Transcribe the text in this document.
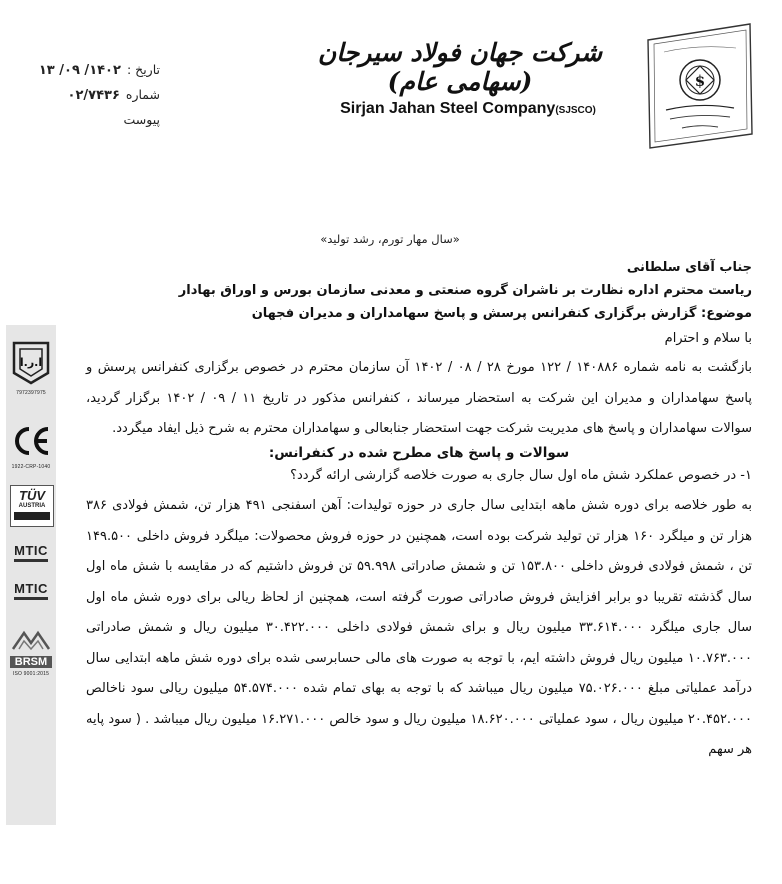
تاریخ :۱۴۰۲/ ۰۹/ ۱۳
شماره۰۲/۷۴۳۶
پیوست
شرکت جهان فولاد سیرجان (سهامی عام)
Sirjan Jahan Steel Company(SJSCO)
$
«سال مهار تورم، رشد تولید»

جناب آقای سلطانی

ریاست محترم اداره نظارت بر ناشران گروه صنعتی و معدنی سازمان بورس و اوراق بهادار

موضوع: گزارش برگزاری کنفرانس پرسش و پاسخ سهامداران و مدیران فجهان

با سلام و احترام

بازگشت به نامه شماره ۱۴۰۸۸۶ / ۱۲۲ مورخ ۲۸ / ۰۸ / ۱۴۰۲ آن سازمان محترم در خصوص برگزاری کنفرانس پرسش و پاسخ سهامداران و مدیران این شرکت به استحضار میرساند ، کنفرانس مذکور در تاریخ ۱۱ / ۰۹ / ۱۴۰۲ برگزار گردید، سوالات سهامداران و پاسخ های مدیریت شرکت جهت استحضار جنابعالی و سهامداران محترم به شرح ذیل ایفاد میگردد.

سوالات و پاسخ های مطرح شده در کنفرانس:

۱- در خصوص عملکرد شش ماه اول سال جاری به صورت خلاصه گزارشی ارائه گردد؟

به طور خلاصه برای دوره شش ماهه ابتدایی سال جاری در حوزه تولیدات: آهن اسفنجی ۴۹۱ هزار تن، شمش فولادی ۳۸۶ هزار تن و میلگرد ۱۶۰ هزار تن تولید شرکت بوده است، همچنین در حوزه فروش محصولات: میلگرد فروش داخلی ۱۴۹.۵۰۰ تن ، شمش فولادی فروش داخلی ۱۵۳.۸۰۰ تن و شمش صادراتی ۵۹.۹۹۸ تن فروش داشتیم که در مقایسه با شش ماه اول سال گذشته تقریبا دو برابر افزایش فروش صادراتی صورت گرفته است، همچنین از لحاظ ریالی برای دوره شش ماه اول سال جاری میلگرد ۳۳.۶۱۴.۰۰۰ میلیون ریال و برای شمش فولادی داخلی ۳۰.۴۲۲.۰۰۰ میلیون ریال و شمش صادراتی ۱۰.۷۶۳.۰۰۰ میلیون ریال فروش داشته ایم، با توجه به صورت های مالی حسابرسی شده برای دوره شش ماهه ابتدایی سال درآمد عملیاتی مبلغ ۷۵.۰۲۶.۰۰۰ میلیون ریال میباشد که با توجه به بهای تمام شده ۵۴.۵۷۴.۰۰۰ میلیون ریالی سود ناخالص ۲۰.۴۵۲.۰۰۰ میلیون ریال ، سود عملیاتی ۱۸.۶۲۰.۰۰۰ میلیون ریال و سود خالص ۱۶.۲۷۱.۰۰۰ میلیون ریال میباشد . ( سود پایه هر سهم

ا.ر.ا
7972397975
1922-CRP-1040
TÜV
AUSTRIA
MTIC
MTIC
BRSM
ISO 9001:2015
